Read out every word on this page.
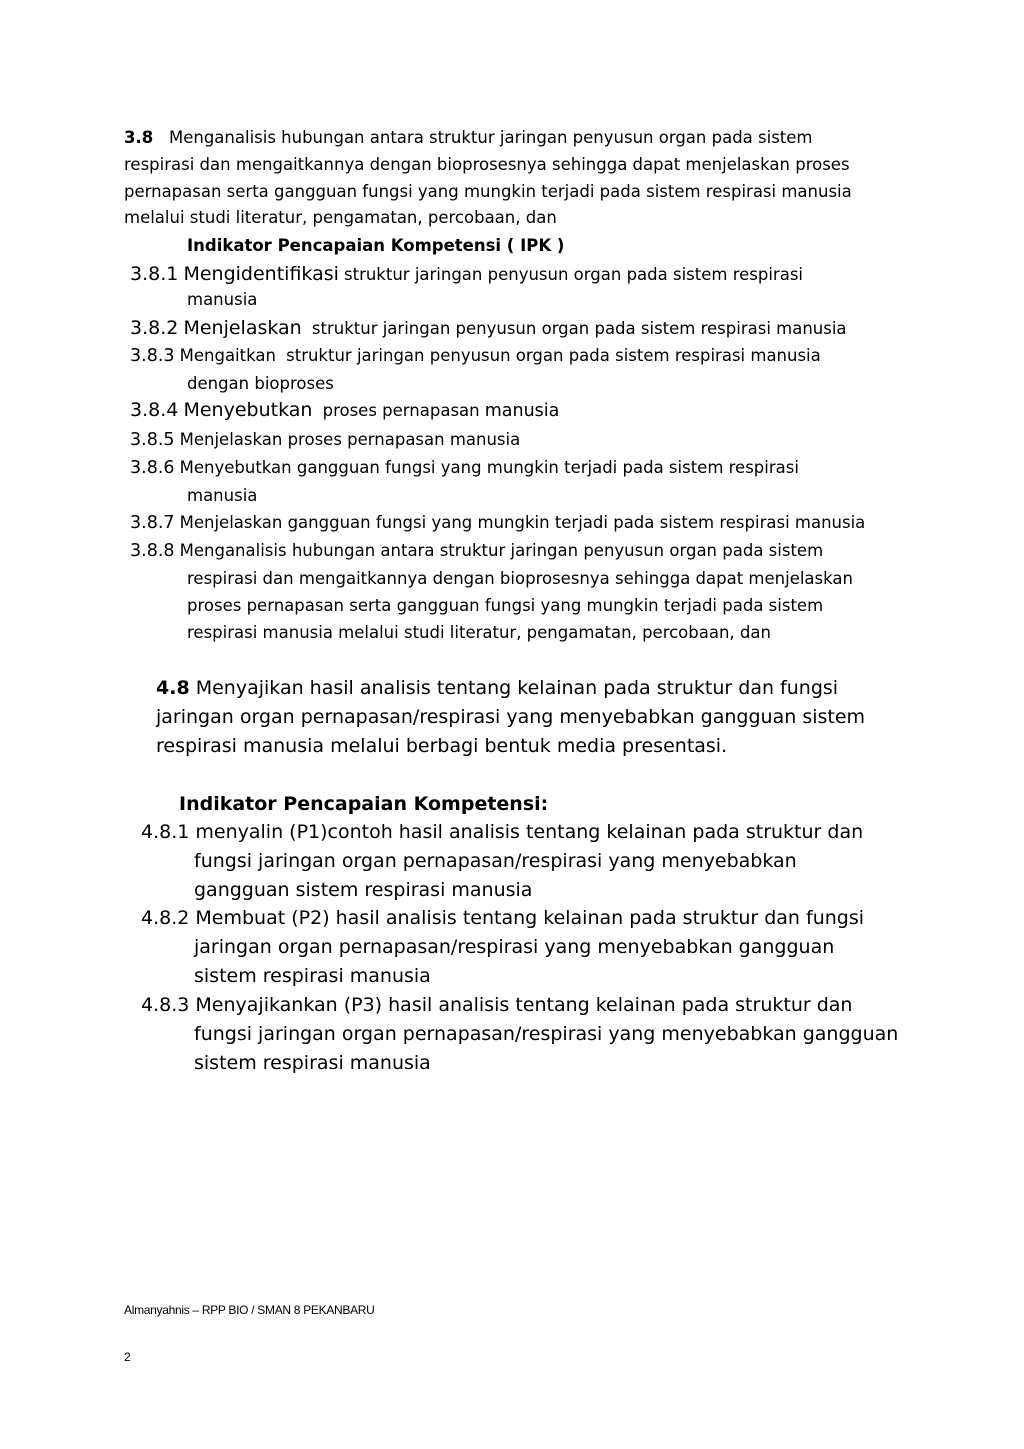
3.8 Menganalisis hubungan antara struktur jaringan penyusun organ pada sistem
respirasi dan mengaitkannya dengan bioprosesnya sehingga dapat menjelaskan proses
pernapasan serta gangguan fungsi yang mungkin terjadi pada sistem respirasi manusia
melalui studi literatur, pengamatan, percobaan, dan
Indikator Pencapaian Kompetensi ( IPK )
3.8.1 Mengidentifikasi struktur jaringan penyusun organ pada sistem respirasi
manusia
3.8.2 Menjelaskan struktur jaringan penyusun organ pada sistem respirasi manusia
3.8.3 Mengaitkan struktur jaringan penyusun organ pada sistem respirasi manusia
dengan bioproses
3.8.4 Menyebutkan proses pernapasan manusia
3.8.5 Menjelaskan proses pernapasan manusia
3.8.6 Menyebutkan gangguan fungsi yang mungkin terjadi pada sistem respirasi
manusia
3.8.7 Menjelaskan gangguan fungsi yang mungkin terjadi pada sistem respirasi manusia
3.8.8 Menganalisis hubungan antara struktur jaringan penyusun organ pada sistem
respirasi dan mengaitkannya dengan bioprosesnya sehingga dapat menjelaskan
proses pernapasan serta gangguan fungsi yang mungkin terjadi pada sistem
respirasi manusia melalui studi literatur, pengamatan, percobaan, dan
4.8 Menyajikan hasil analisis tentang kelainan pada struktur dan fungsi
jaringan organ pernapasan/respirasi yang menyebabkan gangguan sistem
respirasi manusia melalui berbagi bentuk media presentasi.
Indikator Pencapaian Kompetensi:
4.8.1 menyalin (P1)contoh hasil analisis tentang kelainan pada struktur dan
fungsi jaringan organ pernapasan/respirasi yang menyebabkan
gangguan sistem respirasi manusia
4.8.2 Membuat (P2) hasil analisis tentang kelainan pada struktur dan fungsi
jaringan organ pernapasan/respirasi yang menyebabkan gangguan
sistem respirasi manusia
4.8.3 Menyajikankan (P3) hasil analisis tentang kelainan pada struktur dan
fungsi jaringan organ pernapasan/respirasi yang menyebabkan gangguan
sistem respirasi manusia
Almanyahnis – RPP BIO / SMAN 8 PEKANBARU
2
